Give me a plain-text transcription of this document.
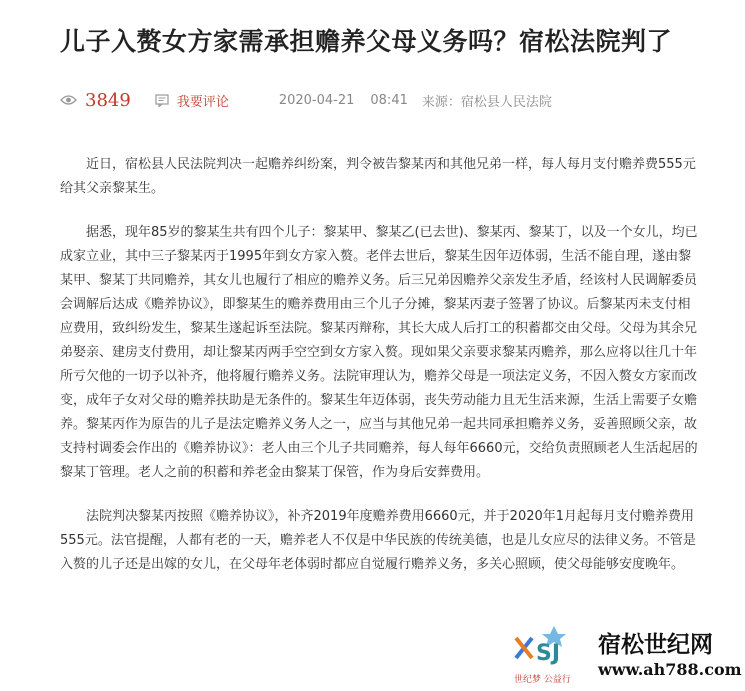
儿子入赘女方家需承担赡养父母义务吗？宿松法院判了
3849	我要评论	2020-04-21 08:41 来源：宿松县人民法院

近日，宿松县人民法院判决一起赡养纠纷案，判令被告黎某丙和其他兄弟一样，每人每月支付赡养费555元给其父亲黎某生。

据悉，现年85岁的黎某生共有四个儿子：黎某甲、黎某乙(已去世)、黎某丙、黎某丁，以及一个女儿，均已成家立业，其中三子黎某丙于1995年到女方家入赘。老伴去世后，黎某生因年迈体弱，生活不能自理，遂由黎某甲、黎某丁共同赡养，其女儿也履行了相应的赡养义务。后三兄弟因赡养父亲发生矛盾，经该村人民调解委员会调解后达成《赡养协议》，即黎某生的赡养费用由三个儿子分摊，黎某丙妻子签署了协议。后黎某丙未支付相应费用，致纠纷发生，黎某生遂起诉至法院。黎某丙辩称，其长大成人后打工的积蓄都交由父母。父母为其余兄弟娶亲、建房支付费用，却让黎某丙两手空空到女方家入赘。现如果父亲要求黎某丙赡养，那么应将以往几十年所亏欠他的一切予以补齐，他将履行赡养义务。法院审理认为，赡养父母是一项法定义务，不因入赘女方家而改变，成年子女对父母的赡养扶助是无条件的。黎某生年迈体弱，丧失劳动能力且无生活来源，生活上需要子女赡养。黎某丙作为原告的儿子是法定赡养义务人之一，应当与其他兄弟一起共同承担赡养义务，妥善照顾父亲，故支持村调委会作出的《赡养协议》：老人由三个儿子共同赡养，每人每年6660元，交给负责照顾老人生活起居的黎某丁管理。老人之前的积蓄和养老金由黎某丁保管，作为身后安葬费用。

法院判决黎某丙按照《赡养协议》，补齐2019年度赡养费用6660元，并于2020年1月起每月支付赡养费用555元。法官提醒，人都有老的一天，赡养老人不仅是中华民族的传统美德，也是儿女应尽的法律义务。不管是入赘的儿子还是出嫁的女儿，在父母年老体弱时都应自觉履行赡养义务，多关心照顾，使父母能够安度晚年。

SJ 宿松世纪网
www.ah788.com
世纪梦 公益行
